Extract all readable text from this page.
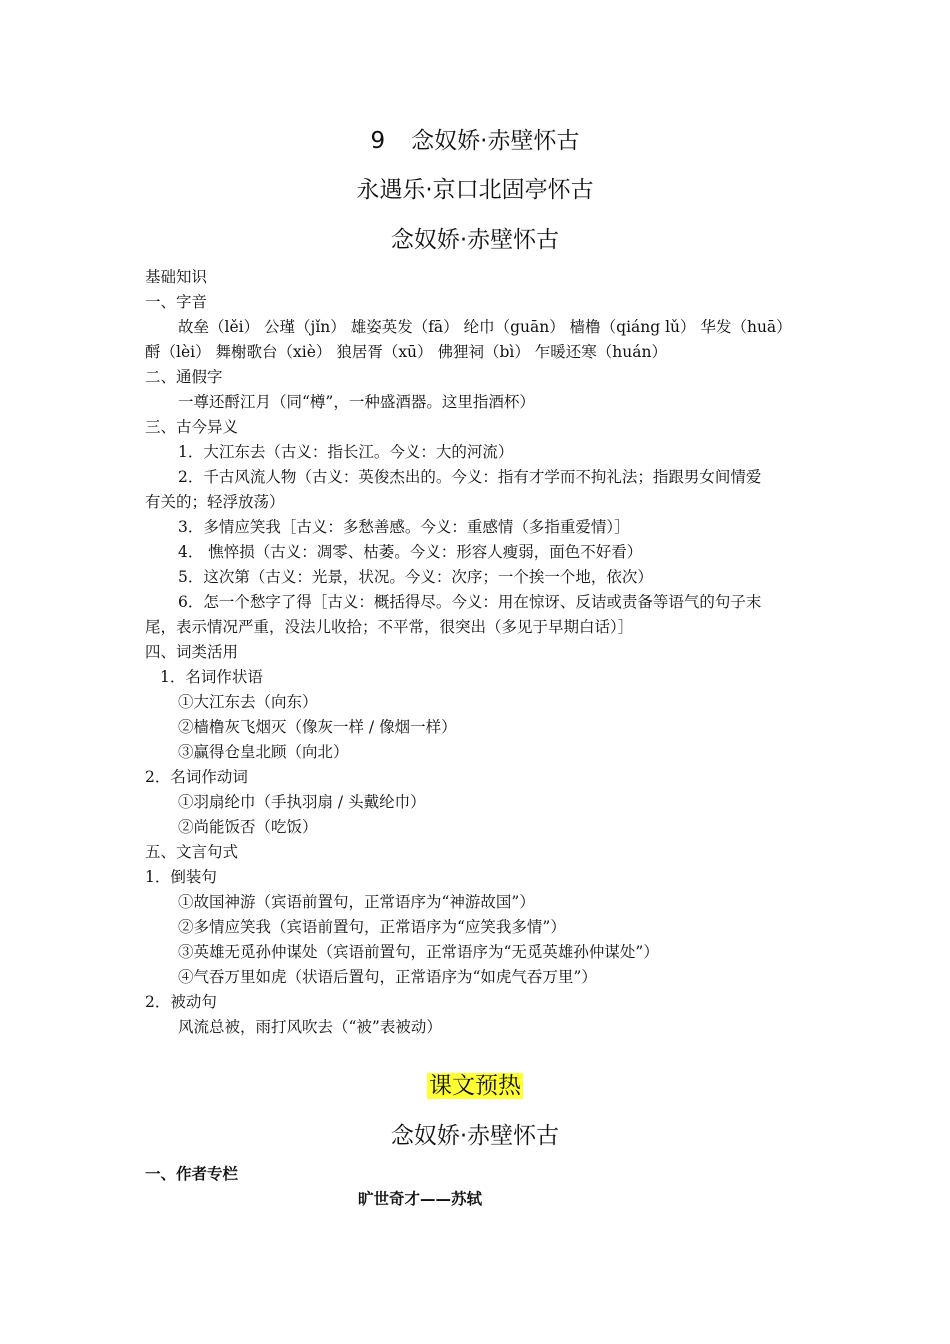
9 念奴娇·赤壁怀古
永遇乐·京口北固亭怀古
念奴娇·赤壁怀古
基础知识
一、字音
故垒（lěi） 公瑾（jǐn） 雄姿英发（fā） 纶巾（guān） 樯橹（qiáng lǔ） 华发（huā）
酹（lèi） 舞榭歌台（xiè） 狼居胥（xū） 佛狸祠（bì） 乍暖还寒（huán）
二、通假字
一尊还酹江月（同“樽”，一种盛酒器。这里指酒杯）
三、古今异义
1．大江东去（古义：指长江。今义：大的河流）
2．千古风流人物（古义：英俊杰出的。今义：指有才学而不拘礼法；指跟男女间情爱
有关的；轻浮放荡）
3．多情应笑我［古义：多愁善感。今义：重感情（多指重爱情）］
4． 憔悴损（古义：凋零、枯萎。今义：形容人瘦弱，面色不好看）
5．这次第（古义：光景，状况。今义：次序；一个挨一个地，依次）
6．怎一个愁字了得［古义：概括得尽。今义：用在惊讶、反诘或责备等语气的句子末
尾，表示情况严重，没法儿收拾；不平常，很突出（多见于早期白话）］
四、词类活用
1．名词作状语
①大江东去（向东）
②樯橹灰飞烟灭（像灰一样 / 像烟一样）
③赢得仓皇北顾（向北）
2．名词作动词
①羽扇纶巾（手执羽扇 / 头戴纶巾）
②尚能饭否（吃饭）
五、文言句式
1．倒装句
①故国神游（宾语前置句，正常语序为“神游故国”）
②多情应笑我（宾语前置句，正常语序为“应笑我多情”）
③英雄无觅孙仲谋处（宾语前置句，正常语序为“无觅英雄孙仲谋处”）
④气吞万里如虎（状语后置句，正常语序为“如虎气吞万里”）
2．被动句
风流总被，雨打风吹去（“被”表被动）
课文预热
念奴娇·赤壁怀古
一、作者专栏
旷世奇才——苏轼
